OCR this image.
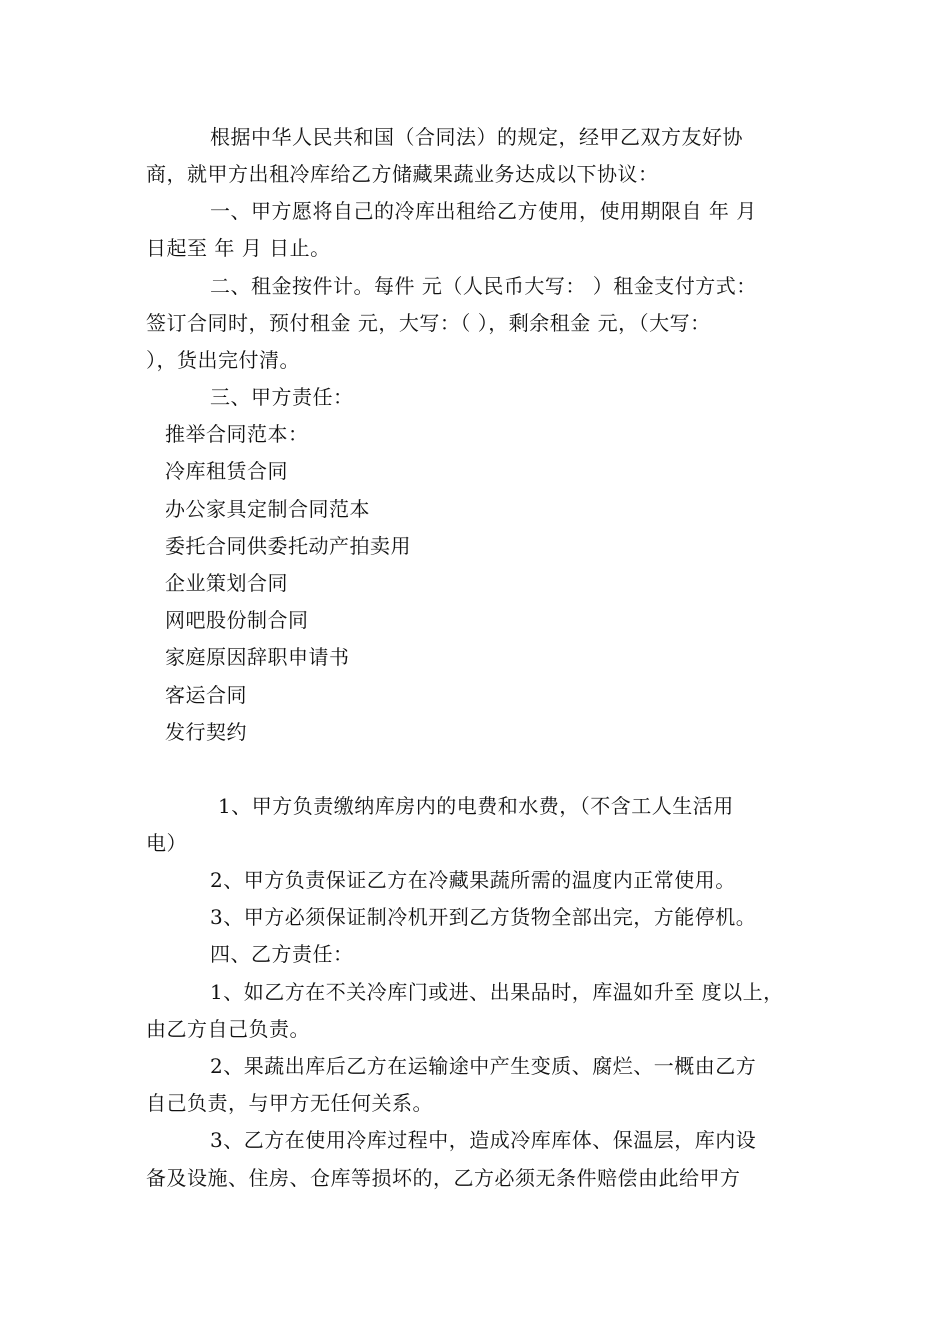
根据中华人民共和国（合同法）的规定，经甲乙双方友好协
商，就甲方出租冷库给乙方储藏果蔬业务达成以下协议：
一、甲方愿将自己的冷库出租给乙方使用，使用期限自 年 月
日起至 年 月 日止。
二、租金按件计。每件 元（人民币大写： ）租金支付方式：
签订合同时，预付租金 元，大写：（ ），剩余租金 元，（大写：
），货出完付清。
三、甲方责任：
推举合同范本：
冷库租赁合同
办公家具定制合同范本
委托合同供委托动产拍卖用
企业策划合同
网吧股份制合同
家庭原因辞职申请书
客运合同
发行契约
1、甲方负责缴纳库房内的电费和水费，（不含工人生活用
电）
2、甲方负责保证乙方在冷藏果蔬所需的温度内正常使用。
3、甲方必须保证制冷机开到乙方货物全部出完，方能停机。
四、乙方责任：
1、如乙方在不关冷库门或进、出果品时，库温如升至 度以上，
由乙方自己负责。
2、果蔬出库后乙方在运输途中产生变质、腐烂、一概由乙方
自己负责，与甲方无任何关系。
3、乙方在使用冷库过程中，造成冷库库体、保温层，库内设
备及设施、住房、仓库等损坏的，乙方必须无条件赔偿由此给甲方
